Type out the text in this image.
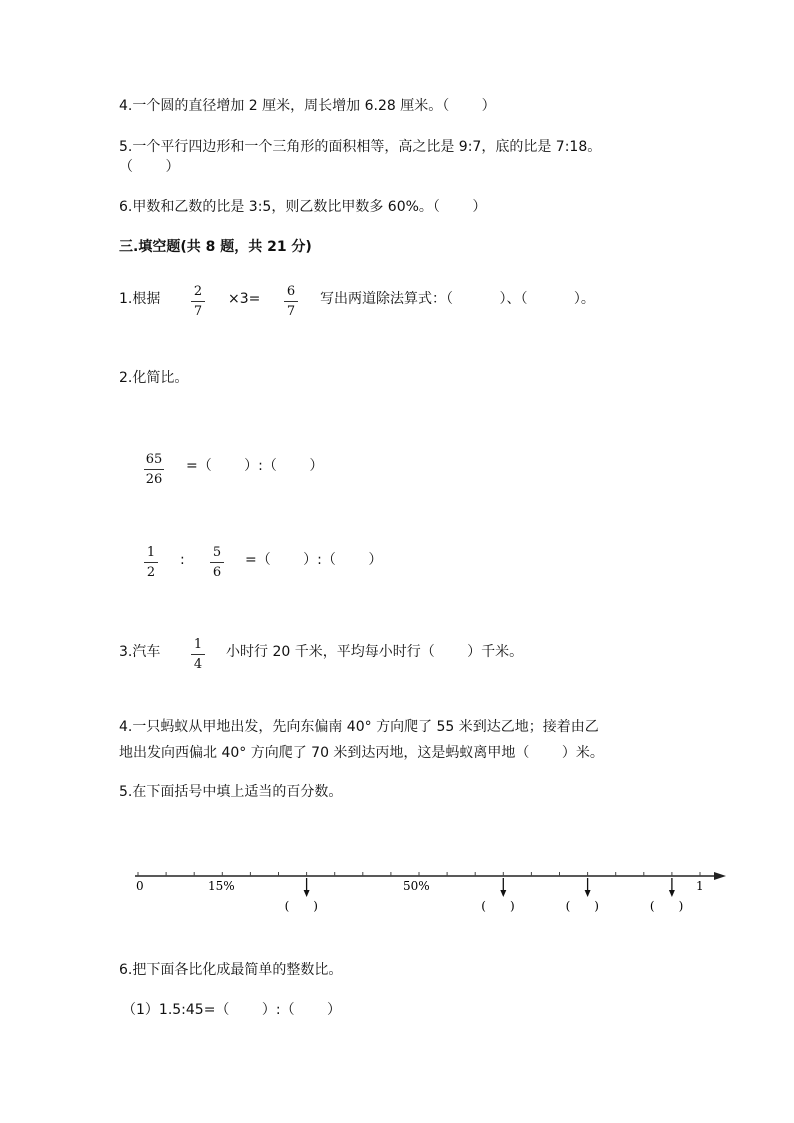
4.一个圆的直径增加 2 厘米，周长增加 6.28 厘米。（　　 ）
5.一个平行四边形和一个三角形的面积相等，高之比是 9:7，底的比是 7:18。
（　　 ）
6.甲数和乙数的比是 3:5，则乙数比甲数多 60%。（　　 ）
三.填空题(共 8 题，共 21 分)
1.根据	2
7
×3= 6
7
写出两道除法算式：（　　　 ）、（　　　 ）。
2.化简比。
65
26
=（　　 ）:（　　 ）
1
2
: 5
6
=（　　 ）:（　　 ）
3.汽车	1
4
小时行 20 千米，平均每小时行（　　 ）千米。
4.一只蚂蚁从甲地出发，先向东偏南 40° 方向爬了 55 米到达乙地；接着由乙
地出发向西偏北 40° 方向爬了 70 米到达丙地，这是蚂蚁离甲地（　　 ）米。
5.在下面括号中填上适当的百分数。
0	15%	50%	1
(　　)	(　　)	(　　)	(　　)
6.把下面各比化成最简单的整数比。
（1）1.5:45=（　　 ）:（　　 ）
